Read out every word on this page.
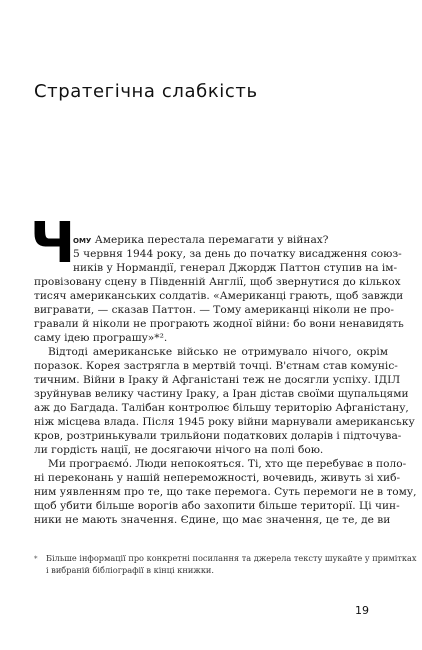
Стратегічна слабкість
Ч
ому Америка перестала перемагати у війнах?
5 червня 1944 року, за день до початку висадження союз-
ників у Нормандії, генерал Джордж Паттон ступив на ім-
провізовану сцену в Південній Англії, щоб звернутися до кількох
тисяч американських солдатів. «Американці грають, щоб завжди
вигравати, — сказав Паттон. — Тому американці ніколи не про-
гравали й ніколи не програють жодної війни: бо вони ненавидять
саму ідею програшу»*².
Відтоді американське військо не отримувало нічого, окрім
поразок. Корея застрягла в мертвій точці. В'єтнам став комуніс-
тичним. Війни в Іраку й Афганістані теж не досягли успіху. ІДІЛ
зруйнував велику частину Іраку, а Іран дістав своїми щупальцями
аж до Багдада. Талібан контролює більшу територію Афганістану,
ніж місцева влада. Після 1945 року війни марнували американську
кров, розтринькували трильйони податкових доларів і підточува-
ли гордість нації, не досягаючи нічого на полі бою.
Ми програємо́. Люди непокояться. Ті, хто ще перебуває в поло-
ні переконань у нашій непереможності, вочевидь, живуть зі хиб-
ним уявленням про те, що таке перемога. Суть перемоги не в тому,
щоб убити більше ворогів або захопити більше території. Ці чин-
ники не мають значення. Єдине, що має значення, це те, де ви
* Більше інформації про конкретні посилання та джерела тексту шукайте у примітках
і вибраній бібліографії в кінці книжки.
19
